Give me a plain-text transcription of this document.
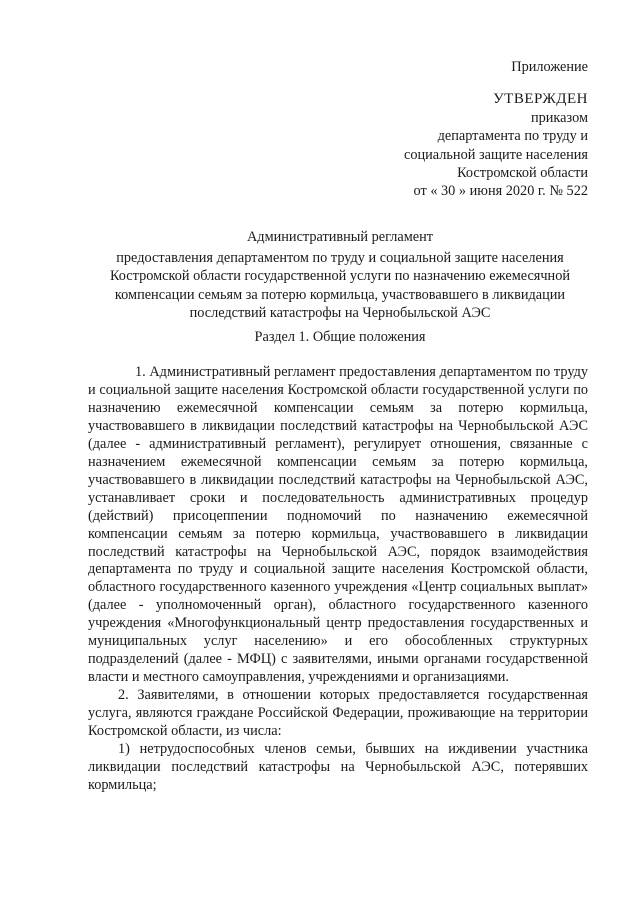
Приложение
УТВЕРЖДЕН
приказом
департамента по труду и
социальной защите населения
Костромской области
от « 30 » июня 2020 г. № 522
Административный регламент
предоставления департаментом по труду и социальной защите населения
Костромской области государственной услуги по назначению ежемесячной
компенсации семьям за потерю кормильца, участвовавшего в ликвидации
последствий катастрофы на Чернобыльской АЭС
Раздел 1. Общие положения

1. Административный регламент предоставления департаментом по труду и социальной защите населения Костромской области государственной услуги по назначению ежемесячной компенсации семьям за потерю кормильца, участвовавшего в ликвидации последствий катастрофы на Чернобыльской АЭС (далее - административный регламент), регулирует отношения, связанные с назначением ежемесячной компенсации семьям за потерю кормильца, участвовавшего в ликвидации последствий катастрофы на Чернобыльской АЭС, устанавливает сроки и последовательность административных процедур (действий) присоцеппении подномочий по назначению ежемесячной компенсации семьям за потерю кормильца, участвовавшего в ликвидации последствий катастрофы на Чернобыльской АЭС, порядок взаимодействия департамента по труду и социальной защите населения Костромской области, областного государственного казенного учреждения «Центр социальных выплат» (далее - уполномоченный орган), областного государственного казенного учреждения «Многофункциональный центр предоставления государственных и муниципальных услуг населению» и его обособленных структурных подразделений (далее - МФЦ) с заявителями, иными органами государственной власти и местного самоуправления, учреждениями и организациями.

2. Заявителями, в отношении которых предоставляется государственная услуга, являются граждане Российской Федерации, проживающие на территории Костромской области, из числа:

1) нетрудоспособных членов семьи, бывших на иждивении участника ликвидации последствий катастрофы на Чернобыльской АЭС, потерявших кормильца;
